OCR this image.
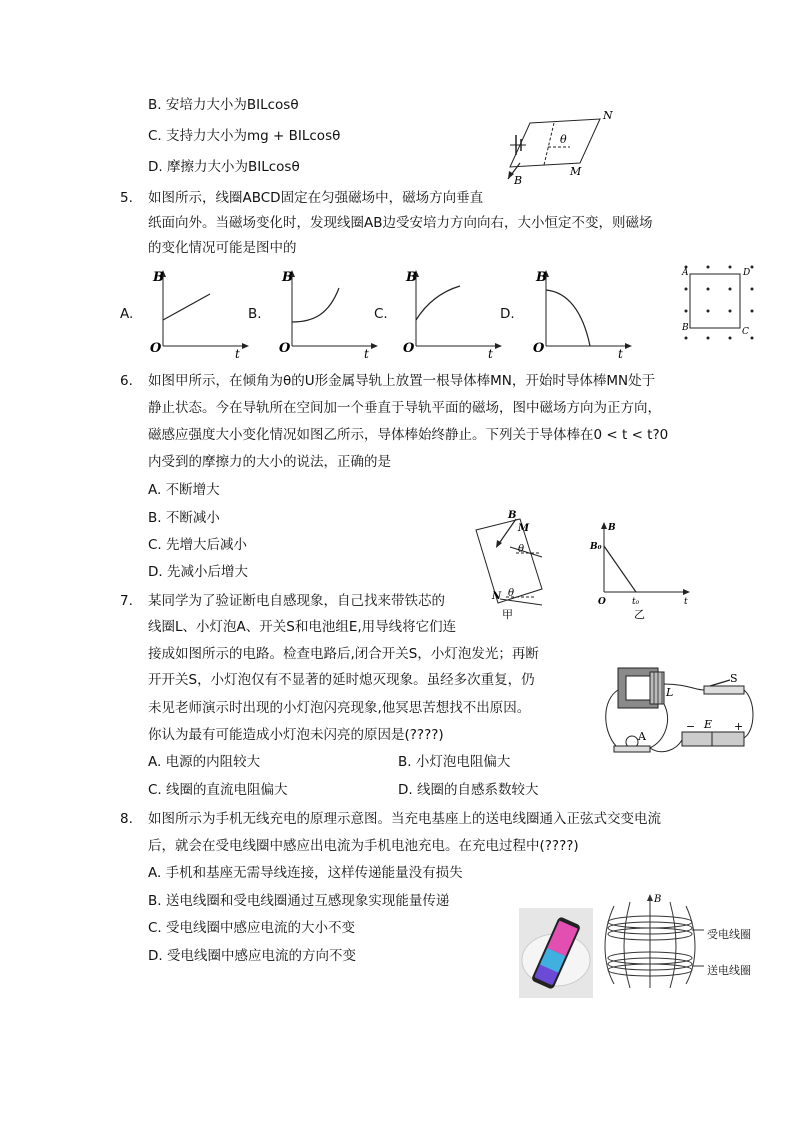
B. 安培力大小为BILcosθ
C. 支持力大小为mg + BILcosθ
D. 摩擦力大小为BILcosθ
N
M
B
θ
5. 如图所示，线圈ABCD固定在匀强磁场中，磁场方向垂直
纸面向外。当磁场变化时，发现线圈AB边受安培力方向向右，大小恒定不变，则磁场
的变化情况可能是图中的
A.
B
t
O
B.
B
t
O
C.
B
t
O
D.
B
t
O
A	D
B	C
6. 如图甲所示，在倾角为θ的U形金属导轨上放置一根导体棒MN，开始时导体棒MN处于
静止状态。今在导轨所在空间加一个垂直于导轨平面的磁场，图中磁场方向为正方向，
磁感应强度大小变化情况如图乙所示，导体棒始终静止。下列关于导体棒在0 < t < t?0
内受到的摩擦力的大小的说法，正确的是
A. 不断增大
B. 不断减小
C. 先增大后减小
D. 先减小后增大
B
M
θ
N θ
甲
B
B₀
O	t₀	t
乙
7. 某同学为了验证断电自感现象，自己找来带铁芯的
线圈L、小灯泡A、开关S和电池组E,用导线将它们连
接成如图所示的电路。检查电路后,闭合开关S，小灯泡发光；再断
开开关S，小灯泡仅有不显著的延时熄灭现象。虽经多次重复，仍
未见老师演示时出现的小灯泡闪亮现象,他冥思苦想找不出原因。
你认为最有可能造成小灯泡未闪亮的原因是(????)
A. 电源的内阻较大	B. 小灯泡电阻偏大
C. 线圈的直流电阻偏大	D. 线圈的自感系数较大
L
S
E
−	+
A
8. 如图所示为手机无线充电的原理示意图。当充电基座上的送电线圈通入正弦式交变电流
后，就会在受电线圈中感应出电流为手机电池充电。在充电过程中(????)
A. 手机和基座无需导线连接，这样传递能量没有损失
B. 送电线圈和受电线圈通过互感现象实现能量传递
C. 受电线圈中感应电流的大小不变
D. 受电线圈中感应电流的方向不变
B
受电线圈
送电线圈
